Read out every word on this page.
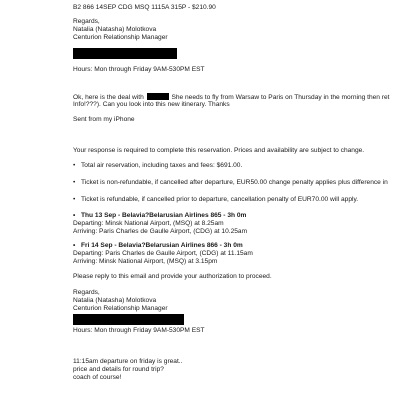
B2 866 14SEP CDG MSQ 1115A 315P - $210.90
Regards,
Natalia (Natasha) Molotkova
Centurion Relationship Manager
Hours: Mon through Friday 9AM-530PM EST
Ok, here is the deal with	She needs to fly from Warsaw to Paris on Thursday in the morning then ret
Info!???). Can you look into this new itinerary. Thanks
Sent from my iPhone
Your response is required to complete this reservation. Prices and availability are subject to change.
• Total air reservation, including taxes and fees: $691.00.
• Ticket is non-refundable, if cancelled after departure, EUR50.00 change penalty applies plus difference in
• Ticket is refundable, if cancelled prior to departure, cancellation penalty of EUR70.00 will apply.
• Thu 13 Sep - Belavia?Belarusian Airlines 865 - 3h 0m
Departing: Minsk National Airport, (MSQ) at 8.25am
Arriving: Paris Charles de Gaulle Airport, (CDG) at 10.25am
• Fri 14 Sep - Belavia?Belarusian Airlines 866 - 3h 0m
Departing: Paris Charles de Gaulle Airport, (CDG) at 11.15am
Arriving: Minsk National Airport, (MSQ) at 3.15pm
Please reply to this email and provide your authorization to proceed.
Regards,
Natalia (Natasha) Molotkova
Centurion Relationship Manager
Hours: Mon through Friday 9AM-530PM EST
11:15am departure on friday is great..
price and details for round trip?
coach of course!
